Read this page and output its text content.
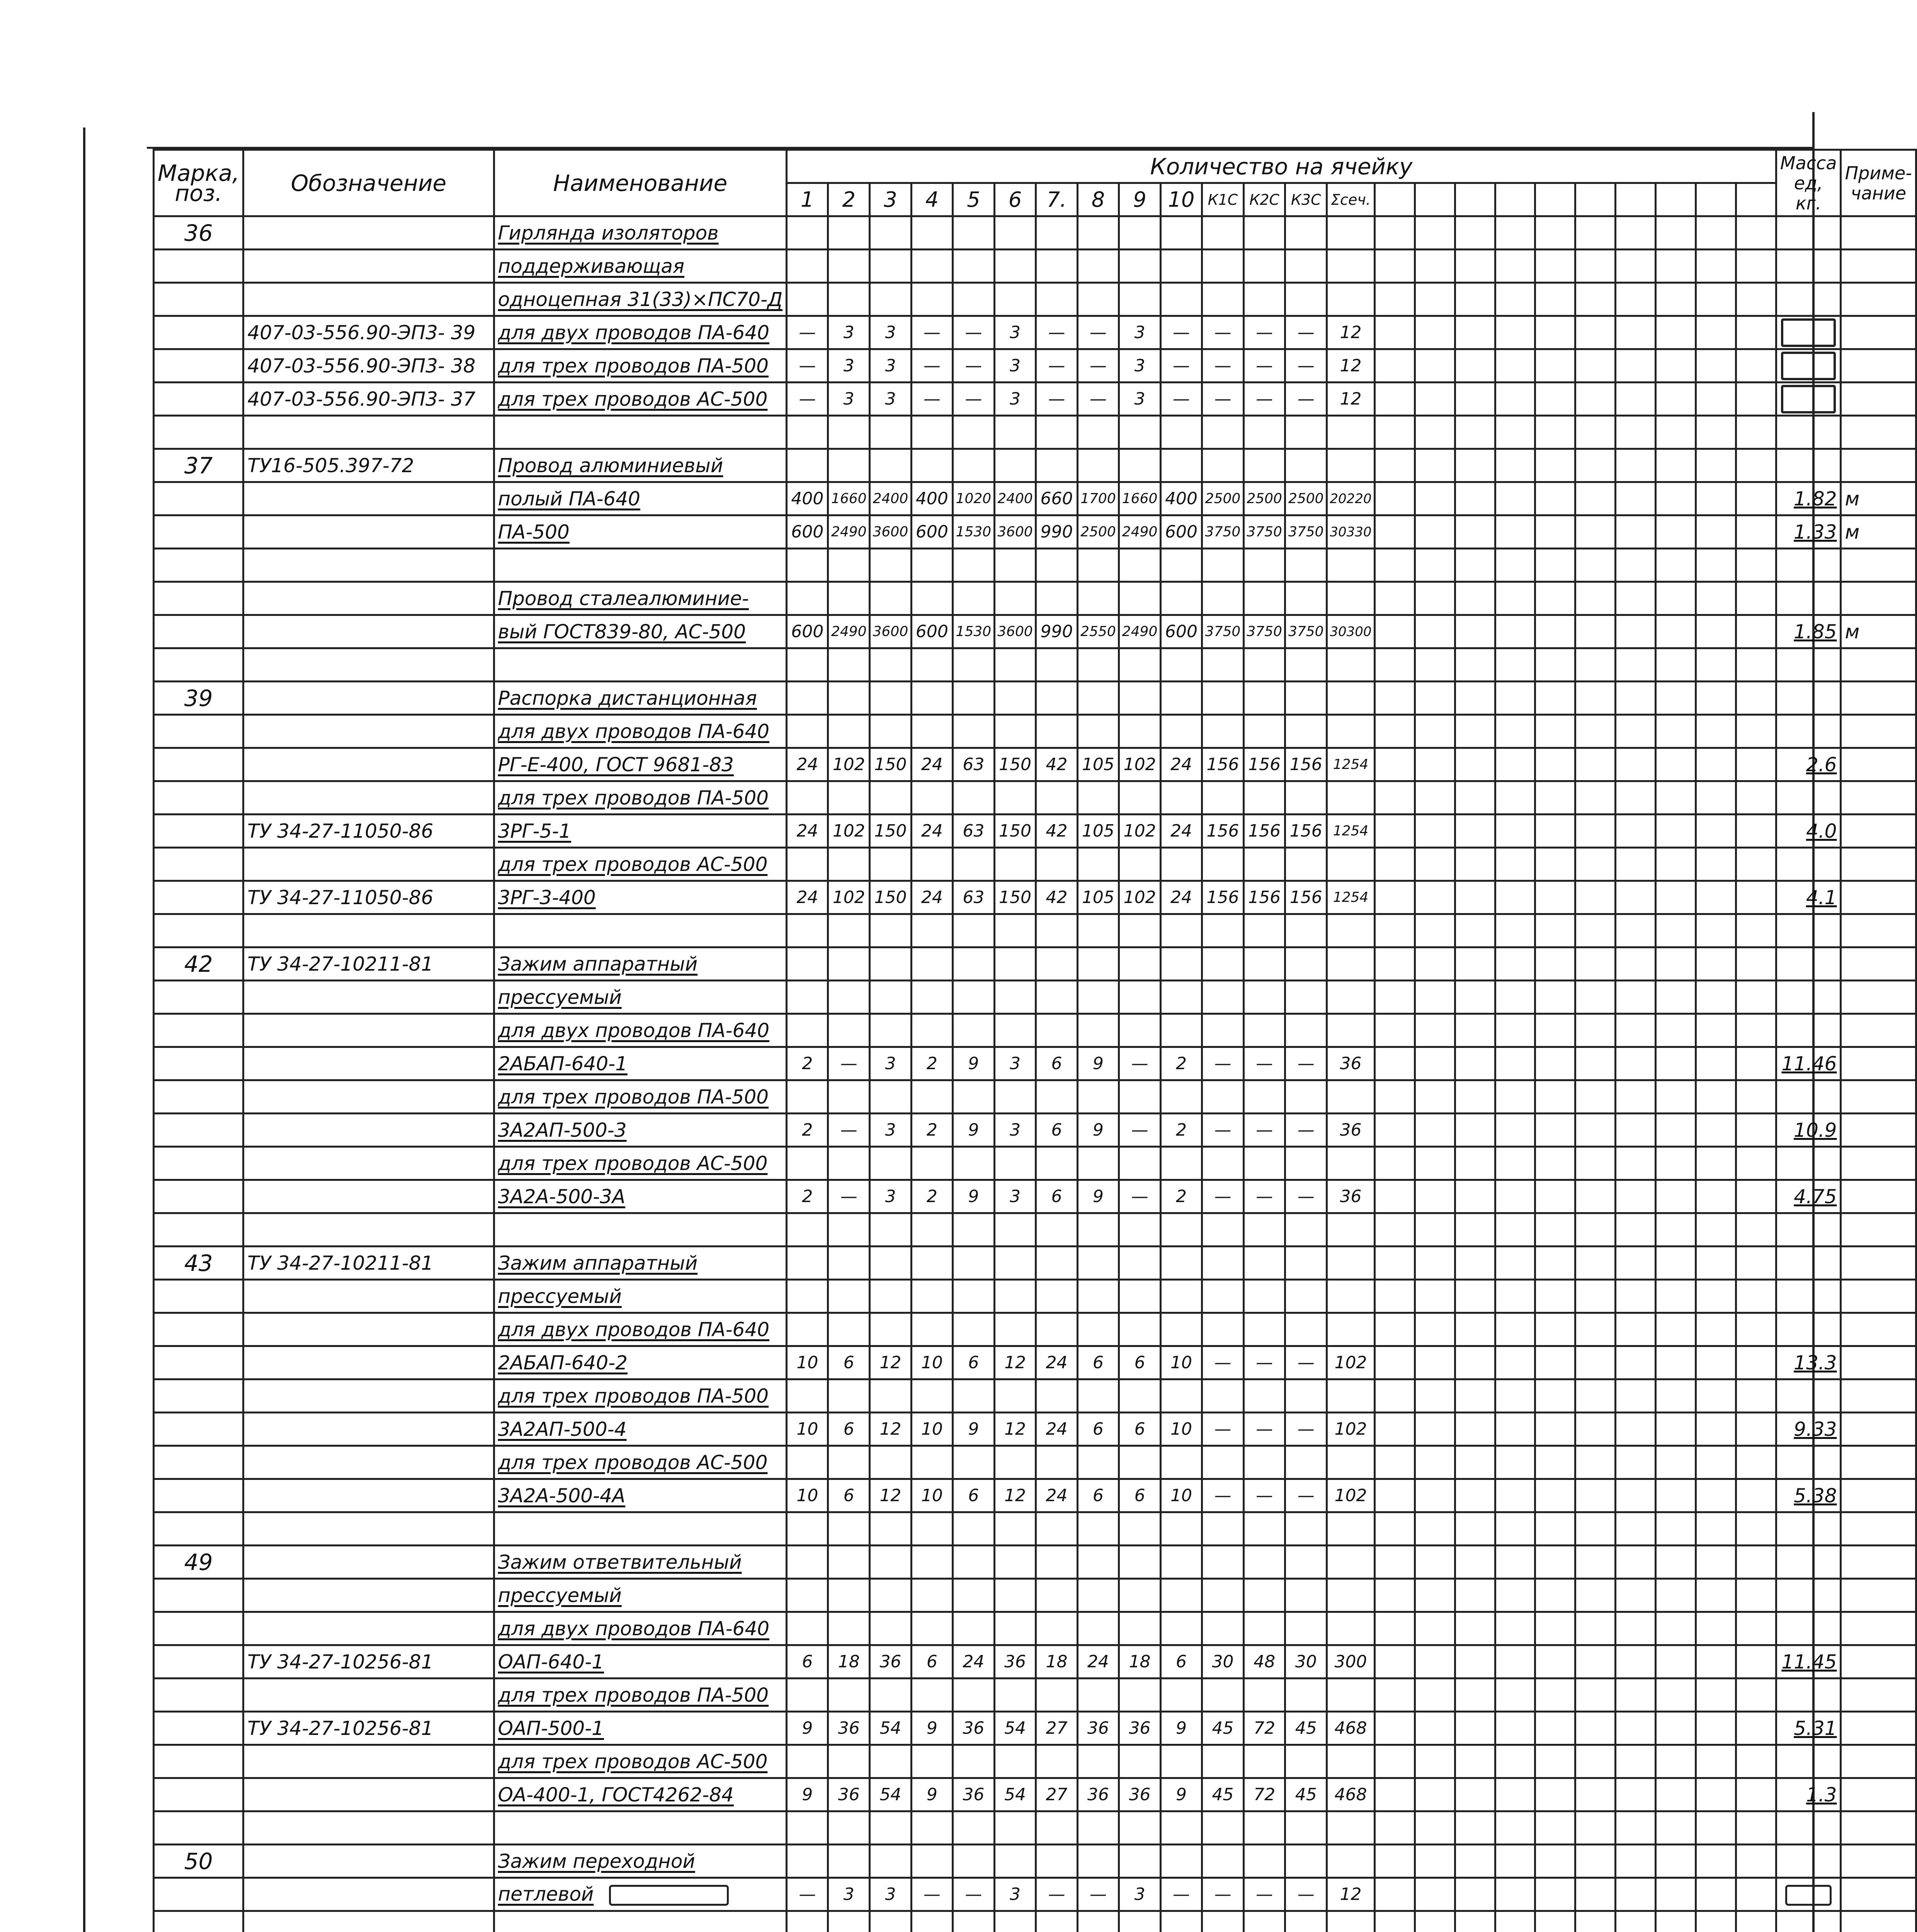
Марка, поз.	Обозначение	Наименование	Количество на ячейку																								Масса ед, кг.	Приме-чание
			1	2	3	4	5	6	7.	8	9	10	К1С	К2С	К3С	Σсеч.												
36		Гирлянда изоляторов																										
		поддерживающая																										
		одноцепная 31(33)×ПС70-Д																										
	407-03-556.90-ЭП3- 39	для двух проводов ПА-640	—	3	3	—	—	3	—	—	3	—	—	—	—	12												
	407-03-556.90-ЭП3- 38	для трех проводов ПА-500	—	3	3	—	—	3	—	—	3	—	—	—	—	12												
	407-03-556.90-ЭП3- 37	для трех проводов АС-500	—	3	3	—	—	3	—	—	3	—	—	—	—	12												

37	ТУ16-505.397-72	Провод алюминиевый																										
		полый ПА-640	400	1660	2400	400	1020	2400	660	1700	1660	400	2500	2500	2500	20220											1.82	м
		ПА-500	600	2490	3600	600	1530	3600	990	2500	2490	600	3750	3750	3750	30330											1.33	м

		Провод сталеалюминие-																										
		вый ГОСТ839-80, АС-500	600	2490	3600	600	1530	3600	990	2550	2490	600	3750	3750	3750	30300											1.85	м

39		Распорка дистанционная																										
		для двух проводов ПА-640																										
		РГ-Е-400, ГОСТ 9681-83	24	102	150	24	63	150	42	105	102	24	156	156	156	1254											2.6	
		для трех проводов ПА-500																										
	ТУ 34-27-11050-86	3РГ-5-1	24	102	150	24	63	150	42	105	102	24	156	156	156	1254											4.0	
		для трех проводов АС-500																										
	ТУ 34-27-11050-86	3РГ-3-400	24	102	150	24	63	150	42	105	102	24	156	156	156	1254											4.1	

42	ТУ 34-27-10211-81	Зажим аппаратный																										
		прессуемый																										
		для двух проводов ПА-640																										
		2АБАП-640-1	2	—	3	2	9	3	6	9	—	2	—	—	—	36											11.46	
		для трех проводов ПА-500																										
		3А2АП-500-3	2	—	3	2	9	3	6	9	—	2	—	—	—	36											10.9	
		для трех проводов АС-500																										
		3А2А-500-3А	2	—	3	2	9	3	6	9	—	2	—	—	—	36											4.75	

43	ТУ 34-27-10211-81	Зажим аппаратный																										
		прессуемый																										
		для двух проводов ПА-640																										
		2АБАП-640-2	10	6	12	10	6	12	24	6	6	10	—	—	—	102											13.3	
		для трех проводов ПА-500																										
		3А2АП-500-4	10	6	12	10	9	12	24	6	6	10	—	—	—	102											9.33	
		для трех проводов АС-500																										
		3А2А-500-4А	10	6	12	10	6	12	24	6	6	10	—	—	—	102											5.38	

49		Зажим ответвительный																										
		прессуемый																										
		для двух проводов ПА-640																										
	ТУ 34-27-10256-81	ОАП-640-1	6	18	36	6	24	36	18	24	18	6	30	48	30	300											11.45	
		для трех проводов ПА-500																										
	ТУ 34-27-10256-81	ОАП-500-1	9	36	54	9	36	54	27	36	36	9	45	72	45	468											5.31	
		для трех проводов АС-500																										
		ОА-400-1, ГОСТ4262-84	9	36	54	9	36	54	27	36	36	9	45	72	45	468											1.3	

50		Зажим переходной																										
		петлевой	—	3	3	—	—	3	—	—	3	—	—	—	—	12												
